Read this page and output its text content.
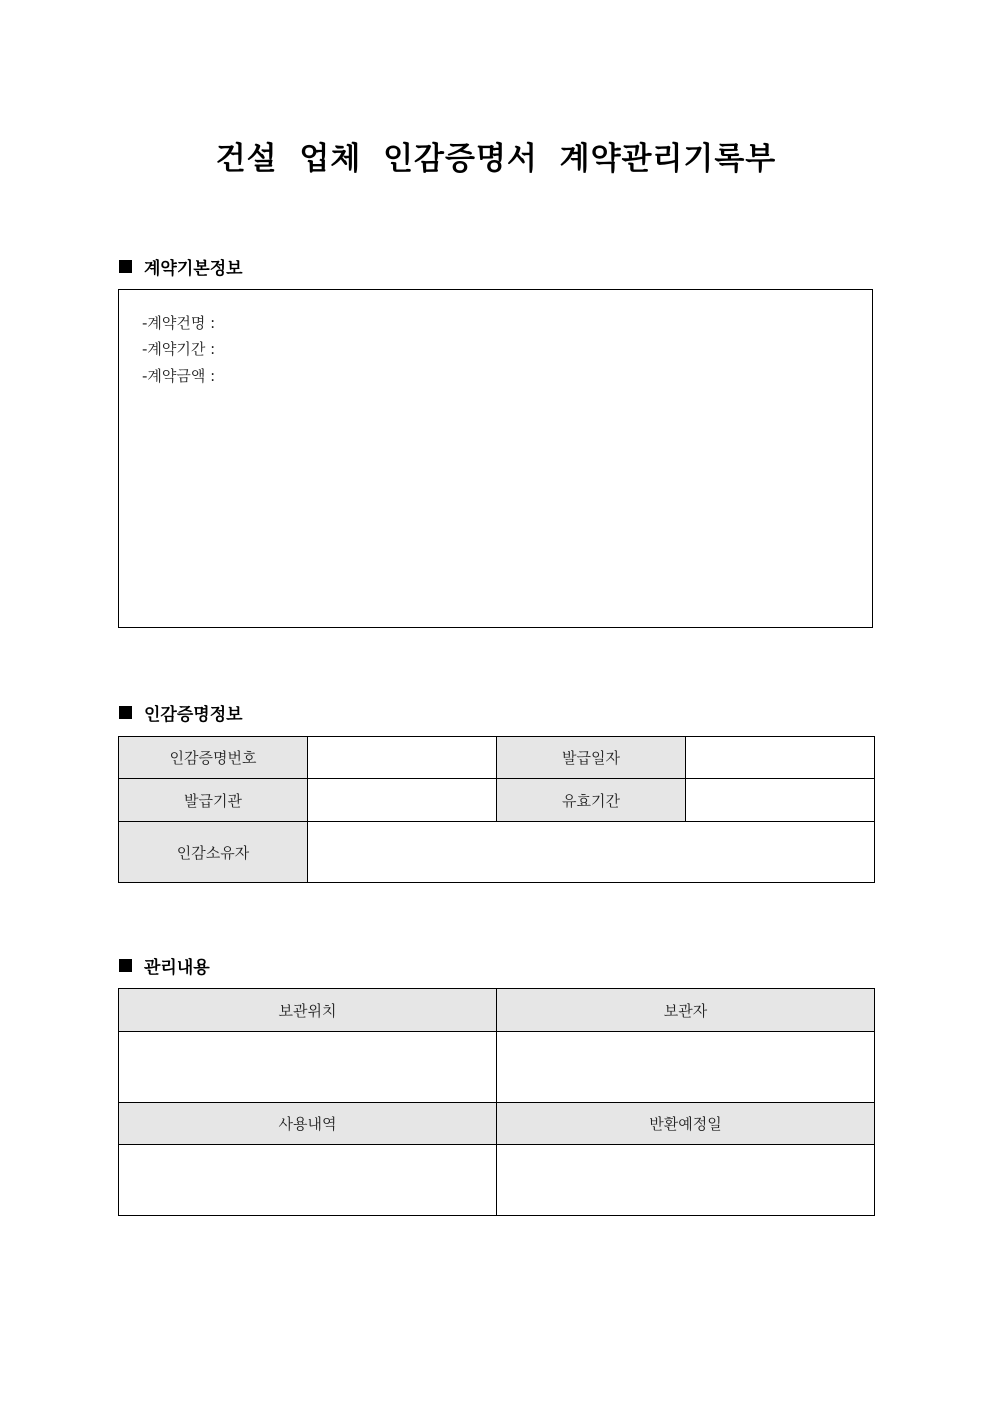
건설 업체 인감증명서 계약관리기록부
계약기본정보
-계약건명 :
-계약기간 :
-계약금액 :
인감증명정보
인감증명번호		발급일자	
발급기관		유효기간	
인감소유자			
관리내용
보관위치	보관자

사용내역	반환예정일
